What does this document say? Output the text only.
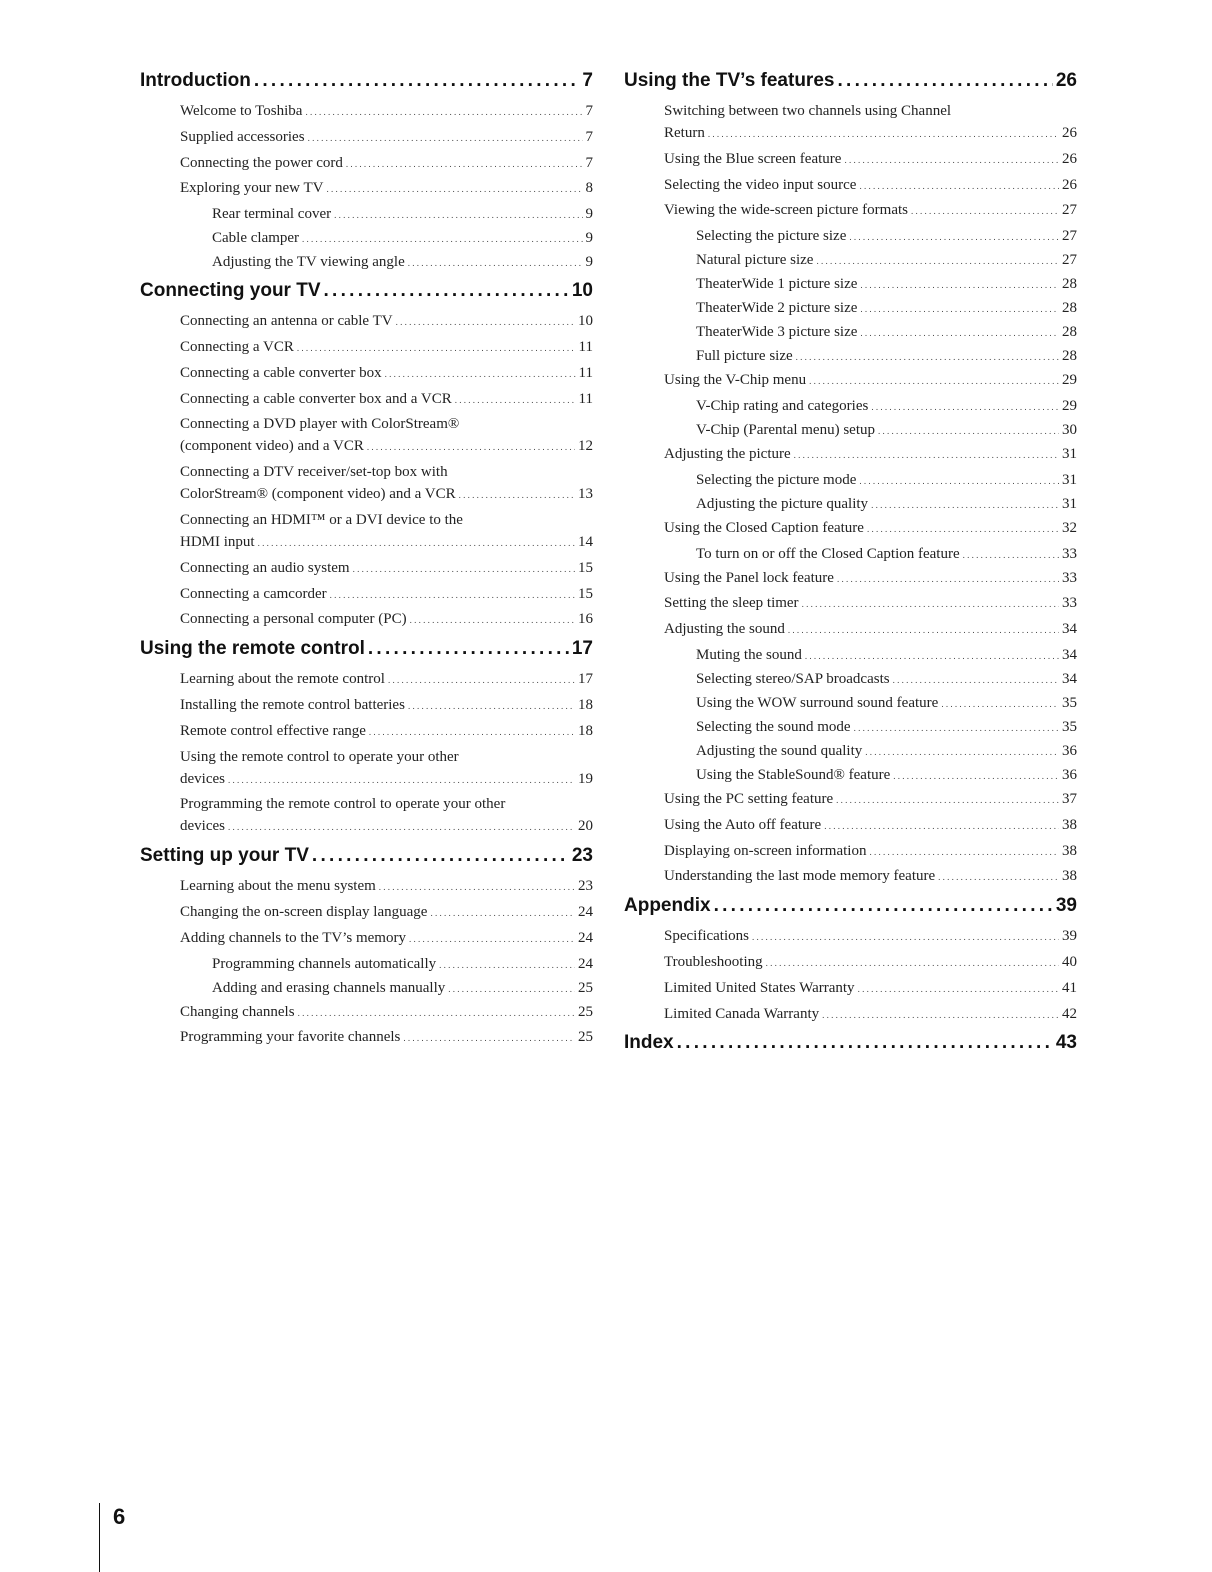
Introduction . . .	7
Welcome to Toshiba . . .	7
Supplied accessories . . .	7
Connecting the power cord . . .	7
Exploring your new TV . . .	8
Rear terminal cover . . .	9
Cable clamper . . .	9
Adjusting the TV viewing angle . . .	9
Connecting your TV . . .	10
Connecting an antenna or cable TV . . .	10
Connecting a VCR . . .	11
Connecting a cable converter box . . .	11
Connecting a cable converter box and a VCR . . .	11
Connecting a DVD player with ColorStream®
(component video) and a VCR . . .	12
Connecting a DTV receiver/set-top box with
ColorStream® (component video) and a VCR . . .	13
Connecting an HDMI™ or a DVI device to the
HDMI input . . .	14
Connecting an audio system . . .	15
Connecting a camcorder . . .	15
Connecting a personal computer (PC) . . .	16
Using the remote control . . .	17
Learning about the remote control . . .	17
Installing the remote control batteries . . .	18
Remote control effective range . . .	18
Using the remote control to operate your other
devices . . .	19
Programming the remote control to operate your other
devices . . .	20
Setting up your TV . . .	23
Learning about the menu system . . .	23
Changing the on-screen display language . . .	24
Adding channels to the TV’s memory . . .	24
Programming channels automatically . . .	24
Adding and erasing channels manually . . .	25
Changing channels . . .	25
Programming your favorite channels . . .	25
Using the TV’s features . . .	26
Switching between two channels using Channel
Return . . .	26
Using the Blue screen feature . . .	26
Selecting the video input source . . .	26
Viewing the wide-screen picture formats . . .	27
Selecting the picture size . . .	27
Natural picture size . . .	27
TheaterWide 1 picture size . . .	28
TheaterWide 2 picture size . . .	28
TheaterWide 3 picture size . . .	28
Full picture size . . .	28
Using the V-Chip menu . . .	29
V-Chip rating and categories . . .	29
V-Chip (Parental menu) setup . . .	30
Adjusting the picture . . .	31
Selecting the picture mode . . .	31
Adjusting the picture quality . . .	31
Using the Closed Caption feature . . .	32
To turn on or off the Closed Caption feature . . .	33
Using the Panel lock feature . . .	33
Setting the sleep timer . . .	33
Adjusting the sound . . .	34
Muting the sound . . .	34
Selecting stereo/SAP broadcasts . . .	34
Using the WOW surround sound feature . . .	35
Selecting the sound mode . . .	35
Adjusting the sound quality . . .	36
Using the StableSound® feature . . .	36
Using the PC setting feature . . .	37
Using the Auto off feature . . .	38
Displaying on-screen information . . .	38
Understanding the last mode memory feature . . .	38
Appendix . . .	39
Specifications . . .	39
Troubleshooting . . .	40
Limited United States Warranty . . .	41
Limited Canada Warranty . . .	42
Index . . .	43
6
